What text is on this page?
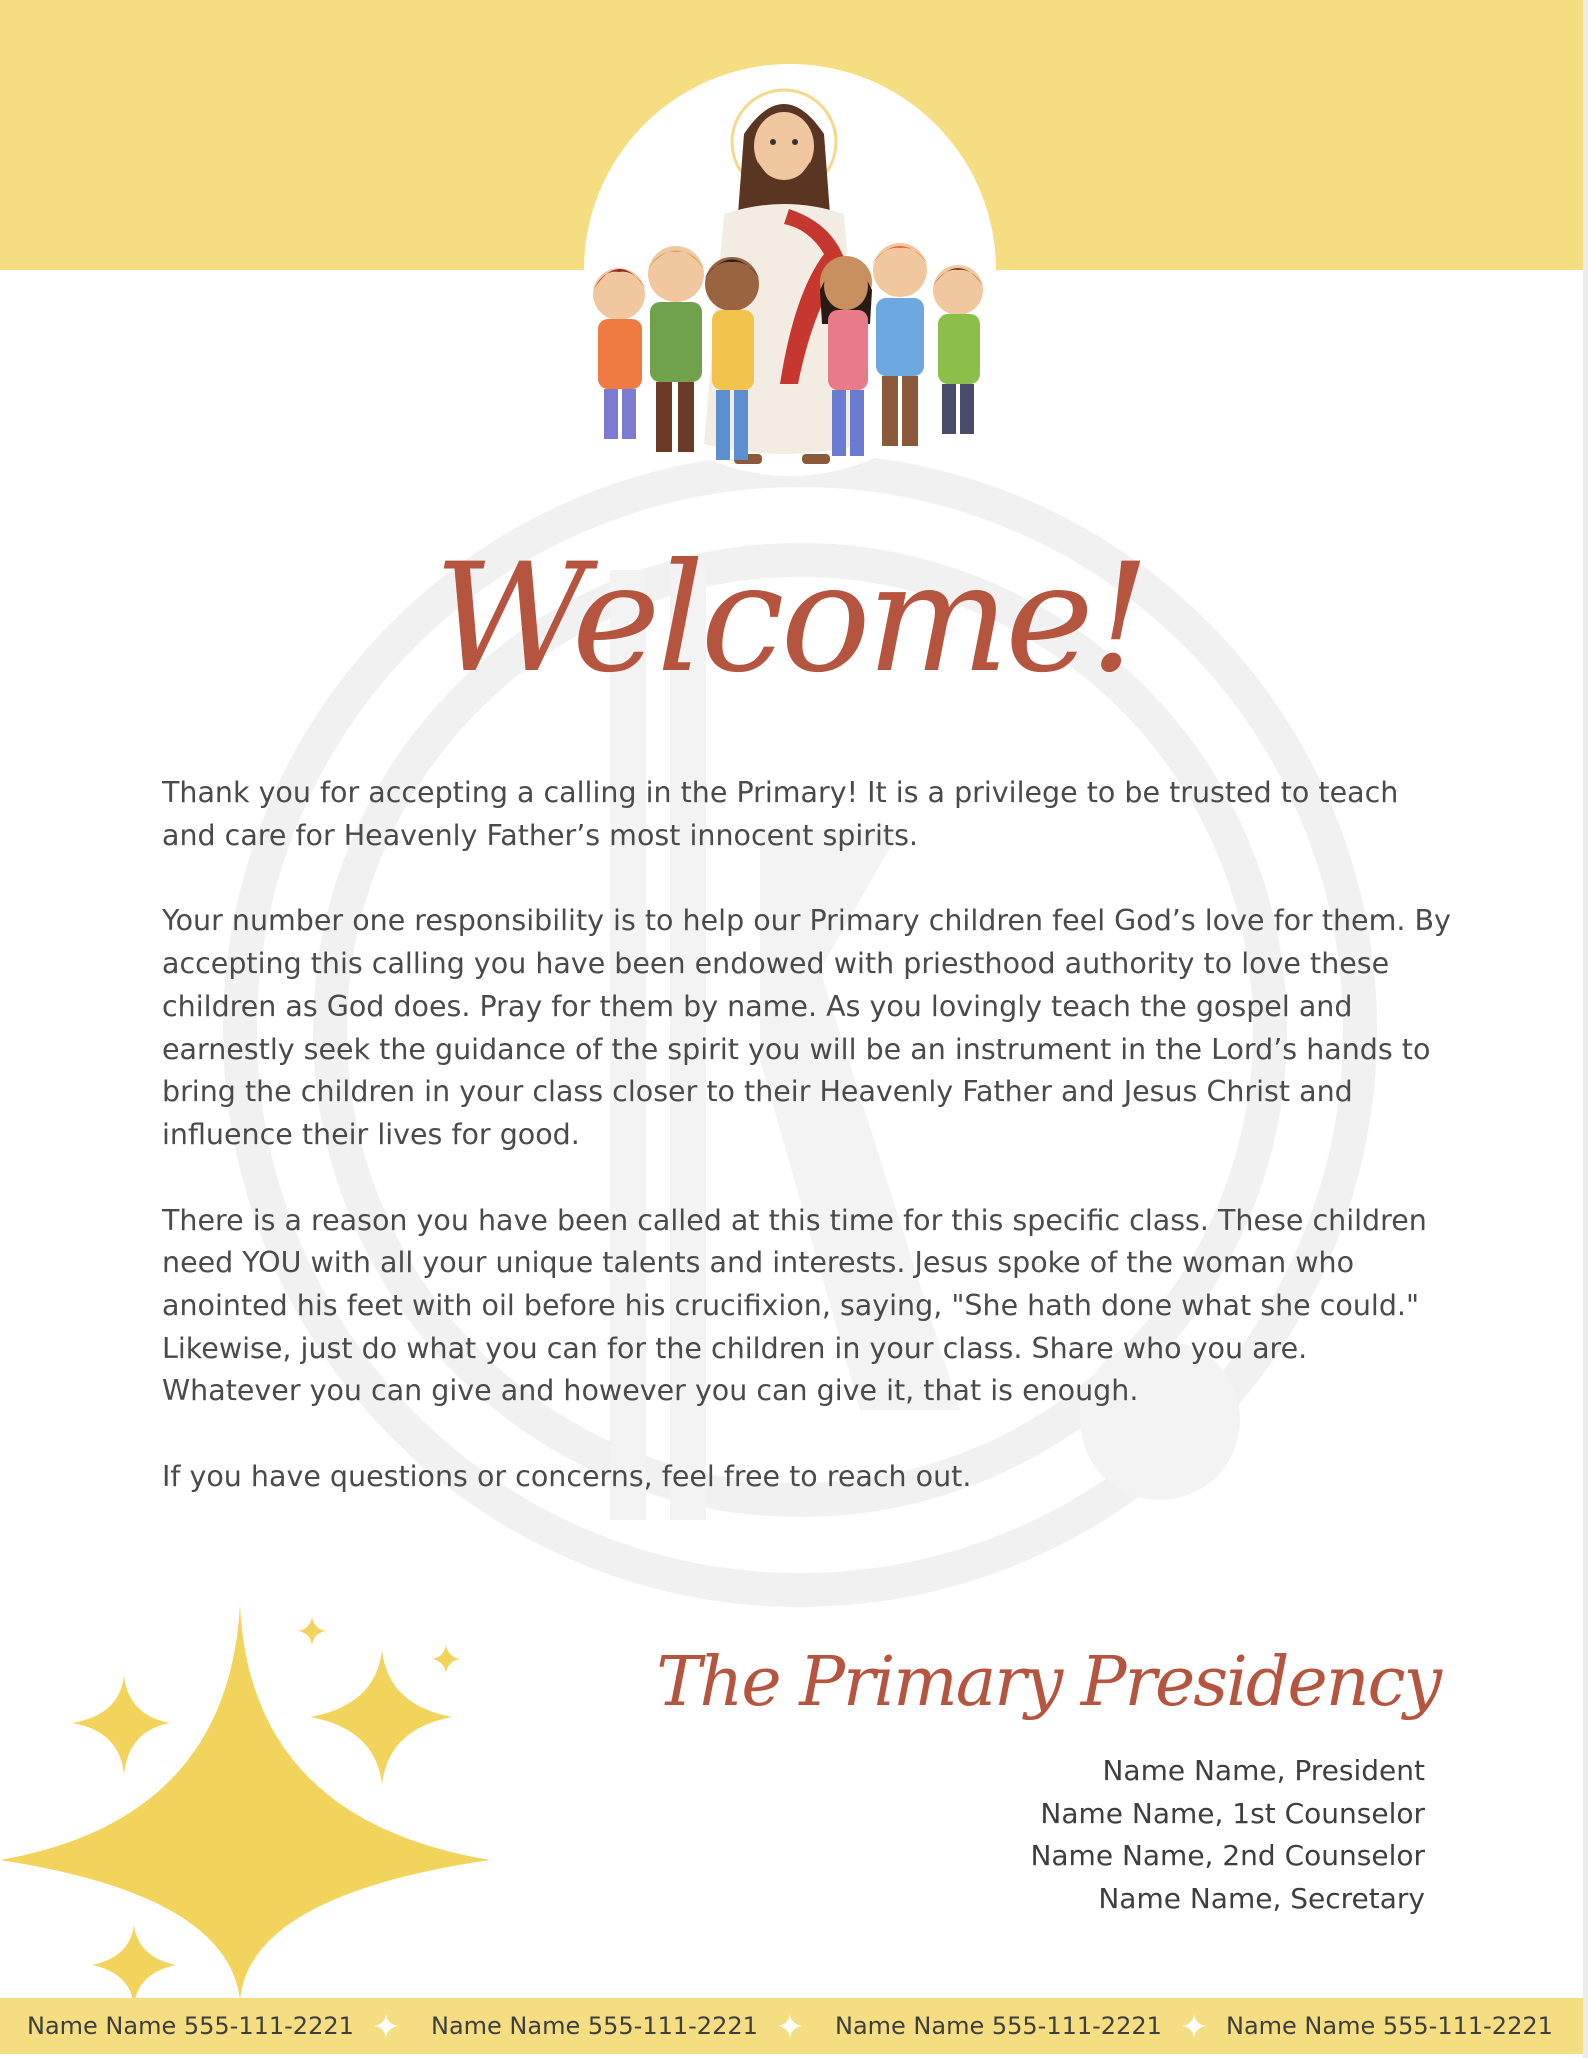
Welcome!

Thank you for accepting a calling in the Primary! It is a privilege to be trusted to teach and care for Heavenly Father’s most innocent spirits.

Your number one responsibility is to help our Primary children feel God’s love for them. By accepting this calling you have been endowed with priesthood authority to love these children as God does. Pray for them by name. As you lovingly teach the gospel and earnestly seek the guidance of the spirit you will be an instrument in the Lord’s hands to bring the children in your class closer to their Heavenly Father and Jesus Christ and influence their lives for good.

There is a reason you have been called at this time for this specific class. These children need YOU with all your unique talents and interests. Jesus spoke of the woman who anointed his feet with oil before his crucifixion, saying, "She hath done what she could." Likewise, just do what you can for the children in your class. Share who you are. Whatever you can give and however you can give it, that is enough.

If you have questions or concerns, feel free to reach out.

The Primary Presidency
Name Name, President
Name Name, 1st Counselor
Name Name, 2nd Counselor
Name Name, Secretary
Name Name 555-111-2221	Name Name 555-111-2221	Name Name 555-111-2221	Name Name 555-111-2221
